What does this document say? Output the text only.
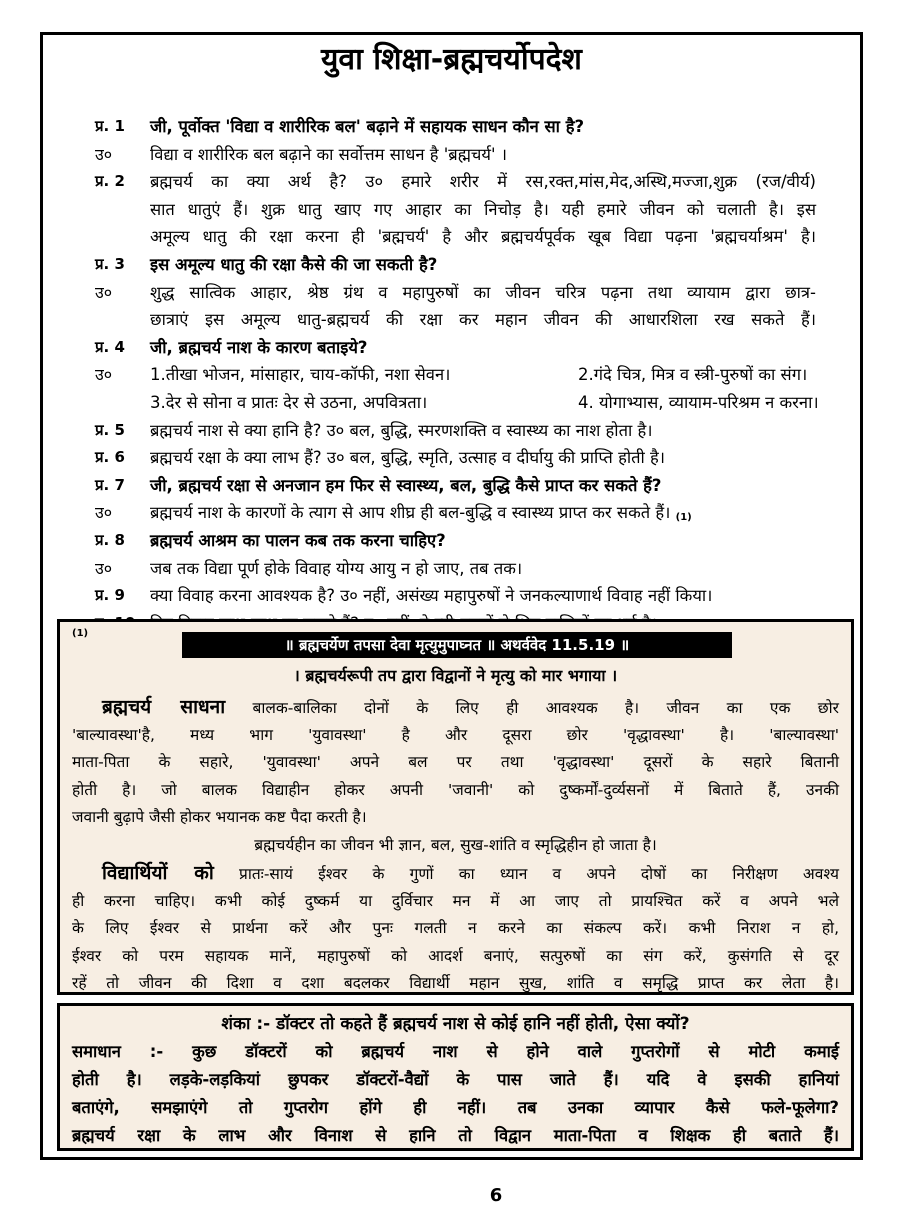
युवा शिक्षा-ब्रह्मचर्योपदेश
प्र. 1 जी, पूर्वोक्त 'विद्या व शारीरिक बल' बढ़ाने में सहायक साधन कौन सा है?
उ० विद्या व शारीरिक बल बढ़ाने का सर्वोत्तम साधन है 'ब्रह्मचर्य' ।
प्र. 2 ब्रह्मचर्य का क्या अर्थ है? उ० हमारे शरीर में रस,रक्त,मांस,मेद,अस्थि,मज्जा,शुक्र (रज/वीर्य)
सात धातुएं हैं। शुक्र धातु खाए गए आहार का निचोड़ है। यही हमारे जीवन को चलाती है। इस
अमूल्य धातु की रक्षा करना ही 'ब्रह्मचर्य' है और ब्रह्मचर्यपूर्वक खूब विद्या पढ़ना 'ब्रह्मचर्याश्रम' है।
प्र. 3 इस अमूल्य धातु की रक्षा कैसे की जा सकती है?
उ० शुद्ध सात्विक आहार, श्रेष्ठ ग्रंथ व महापुरुषों का जीवन चरित्र पढ़ना तथा व्यायाम द्वारा छात्र-
छात्राएं इस अमूल्य धातु-ब्रह्मचर्य की रक्षा कर महान जीवन की आधारशिला रख सकते हैं।
प्र. 4 जी, ब्रह्मचर्य नाश के कारण बताइये?
उ० 1.तीखा भोजन, मांसाहार, चाय-कॉफी, नशा सेवन।	2.गंदे चित्र, मित्र व स्त्री-पुरुषों का संग।
3.देर से सोना व प्रातः देर से उठना, अपवित्रता।	4. योगाभ्यास, व्यायाम-परिश्रम न करना।
प्र. 5 ब्रह्मचर्य नाश से क्या हानि है? उ० बल, बुद्धि, स्मरणशक्ति व स्वास्थ्य का नाश होता है।
प्र. 6 ब्रह्मचर्य रक्षा के क्या लाभ हैं? उ० बल, बुद्धि, स्मृति, उत्साह व दीर्घायु की प्राप्ति होती है।
प्र. 7 जी, ब्रह्मचर्य रक्षा से अनजान हम फिर से स्वास्थ्य, बल, बुद्धि कैसे प्राप्त कर सकते हैं?
उ० ब्रह्मचर्य नाश के कारणों के त्याग से आप शीघ्र ही बल-बुद्धि व स्वास्थ्य प्राप्त कर सकते हैं। (1)
प्र. 8 ब्रह्मचर्य आश्रम का पालन कब तक करना चाहिए?
उ० जब तक विद्या पूर्ण होके विवाह योग्य आयु न हो जाए, तब तक।
प्र. 9 क्या विवाह करना आवश्यक है? उ० नहीं, असंख्य महापुरुषों ने जनकल्याणार्थ विवाह नहीं किया।
6
(1)
॥ ब्रह्मचर्येण तपसा देवा मृत्युमुपाघ्नत ॥ अथर्ववेद 11.5.19 ॥
। ब्रह्मचर्यरूपी तप द्वारा विद्वानों ने मृत्यु को मार भगाया ।
ब्रह्मचर्य साधना बालक-बालिका दोनों के लिए ही आवश्यक है। जीवन का एक छोर
'बाल्यावस्था'है, मध्य भाग 'युवावस्था' है और दूसरा छोर 'वृद्धावस्था' है। 'बाल्यावस्था'
माता-पिता के सहारे, 'युवावस्था' अपने बल पर तथा 'वृद्धावस्था' दूसरों के सहारे बितानी
होती है। जो बालक विद्याहीन होकर अपनी 'जवानी' को दुष्कर्मों-दुर्व्यसनों में बिताते हैं, उनकी
जवानी बुढ़ापे जैसी होकर भयानक कष्ट पैदा करती है।
ब्रह्मचर्यहीन का जीवन भी ज्ञान, बल, सुख-शांति व स्मृद्धिहीन हो जाता है।
विद्यार्थियों को प्रातः-सायं ईश्वर के गुणों का ध्यान व अपने दोषों का निरीक्षण अवश्य
ही करना चाहिए। कभी कोई दुष्कर्म या दुर्विचार मन में आ जाए तो प्रायश्चित करें व अपने भले
के लिए ईश्वर से प्रार्थना करें और पुनः गलती न करने का संकल्प करें। कभी निराश न हो,
ईश्वर को परम सहायक मानें, महापुरुषों को आदर्श बनाएं, सत्पुरुषों का संग करें, कुसंगति से दूर
रहें तो जीवन की दिशा व दशा बदलकर विद्यार्थी महान सुख, शांति व समृद्धि प्राप्त कर लेता है।
शंका :- डॉक्टर तो कहते हैं ब्रह्मचर्य नाश से कोई हानि नहीं होती, ऐसा क्यों?
समाधान :- कुछ डॉक्टरों को ब्रह्मचर्य नाश से होने वाले गुप्तरोगों से मोटी कमाई
होती है। लड़के-लड़कियां छुपकर डॉक्टरों-वैद्यों के पास जाते हैं। यदि वे इसकी हानियां
बताएंगे, समझाएंगे तो गुप्तरोग होंगे ही नहीं। तब उनका व्यापार कैसे फले-फूलेगा?
ब्रह्मचर्य रक्षा के लाभ और विनाश से हानि तो विद्वान माता-पिता व शिक्षक ही बताते हैं।
